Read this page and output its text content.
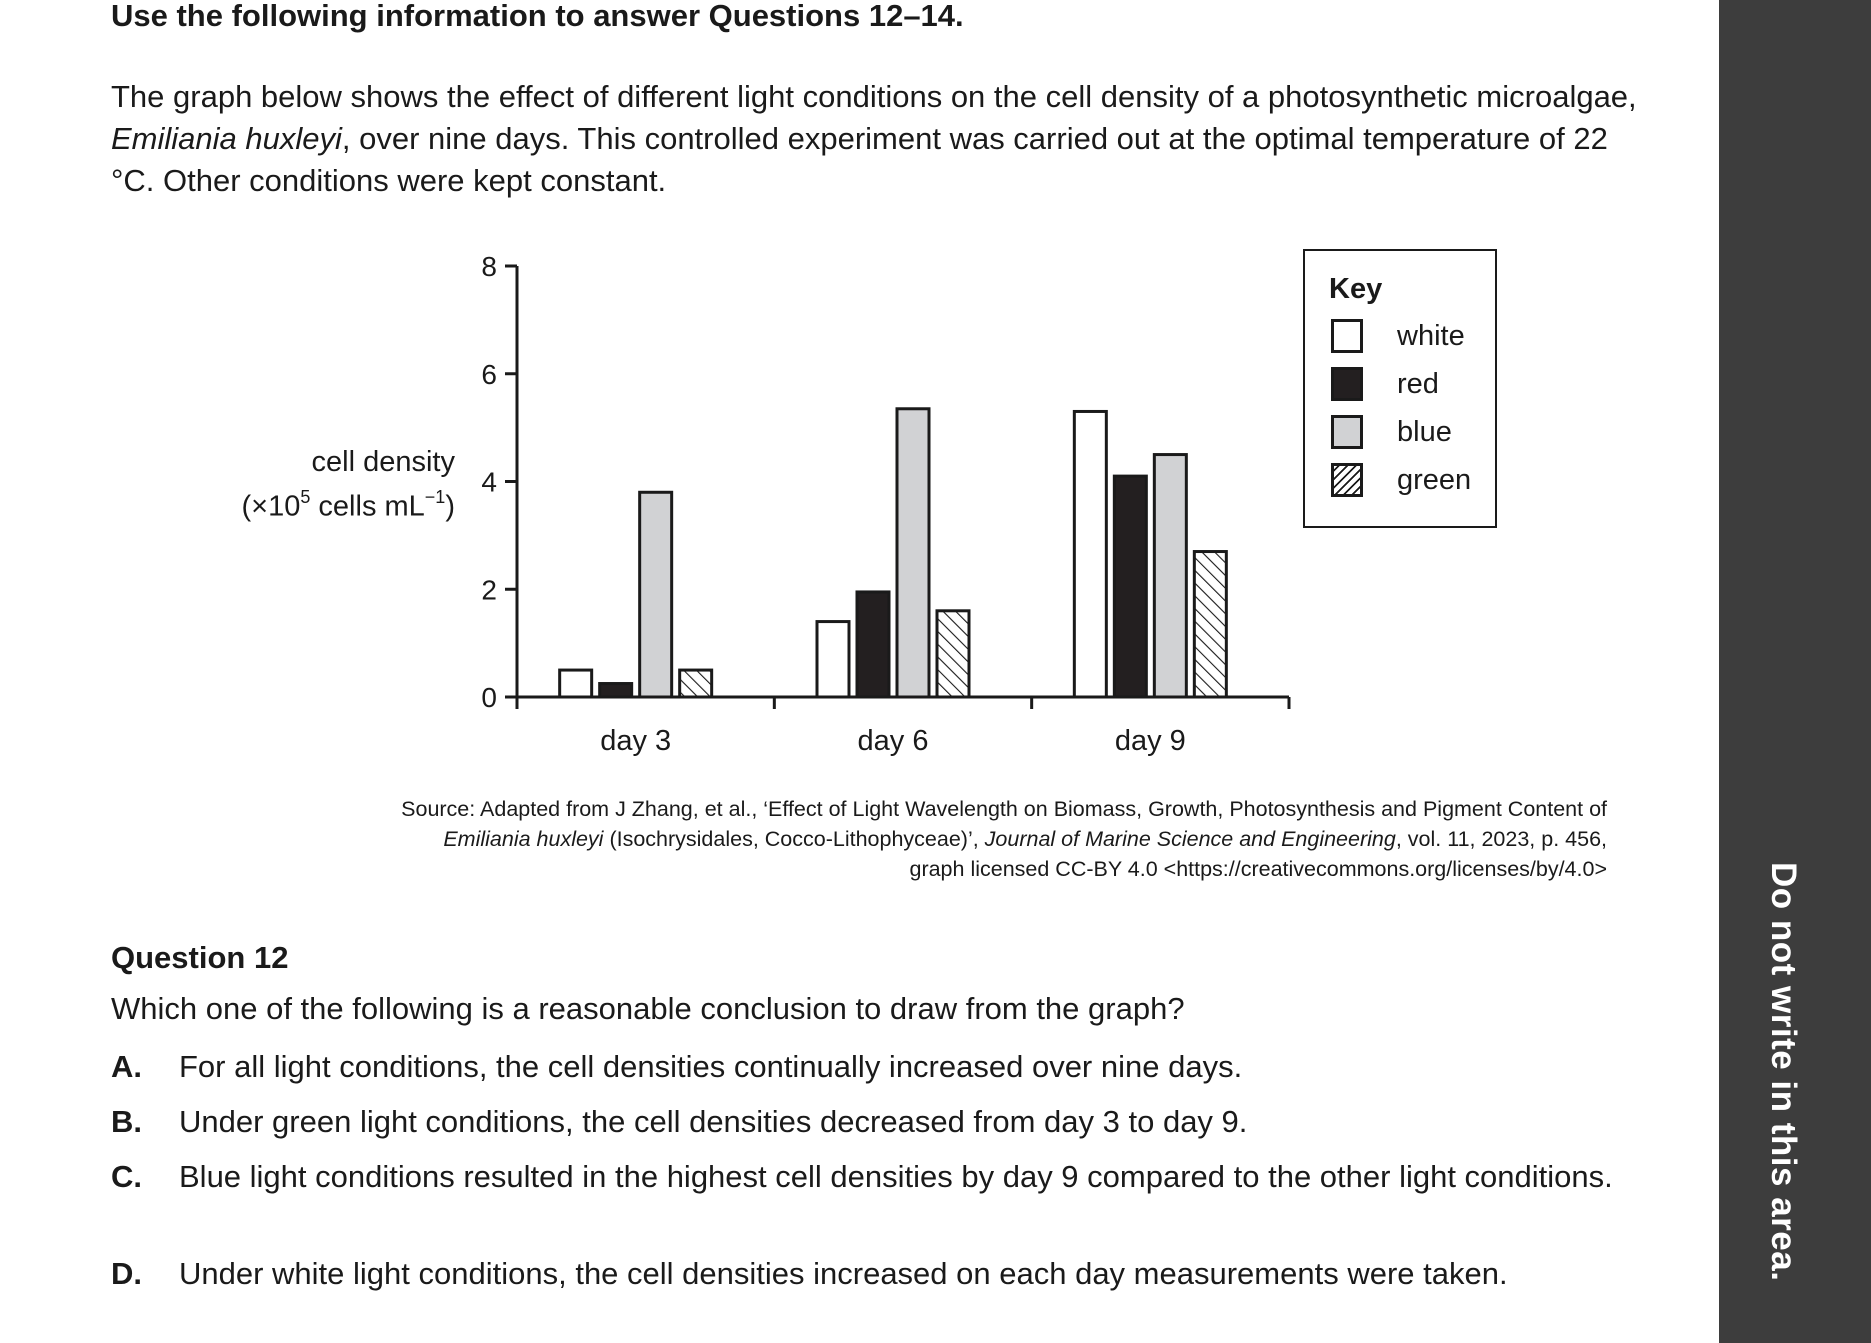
Use the following information to answer Questions 12–14.

The graph below shows the effect of different light conditions on the cell density of a photosynthetic microalgae, Emiliania huxleyi, over nine days. This controlled experiment was carried out at the optimal temperature of 22 °C. Other conditions were kept constant.

cell density
($\times 10^5$ cells $mL^{-1}$)
0
2
4
6
8
day 3	day 6	day 9
Key
white
red
blue
green
Source: Adapted from J Zhang, et al., ‘Effect of Light Wavelength on Biomass, Growth, Photosynthesis and Pigment Content of
Emiliania huxleyi (Isochrysidales, Cocco-Lithophyceae)’, Journal of Marine Science and Engineering, vol. 11, 2023, p. 456,
graph licensed CC-BY 4.0 <https://creativecommons.org/licenses/by/4.0>
Question 12

Which one of the following is a reasonable conclusion to draw from the graph?

A. For all light conditions, the cell densities continually increased over nine days.
B. Under green light conditions, the cell densities decreased from day 3 to day 9.
C. Blue light conditions resulted in the highest cell densities by day 9 compared to the other light conditions.
D. Under white light conditions, the cell densities increased on each day measurements were taken.	Do not write in this area.
